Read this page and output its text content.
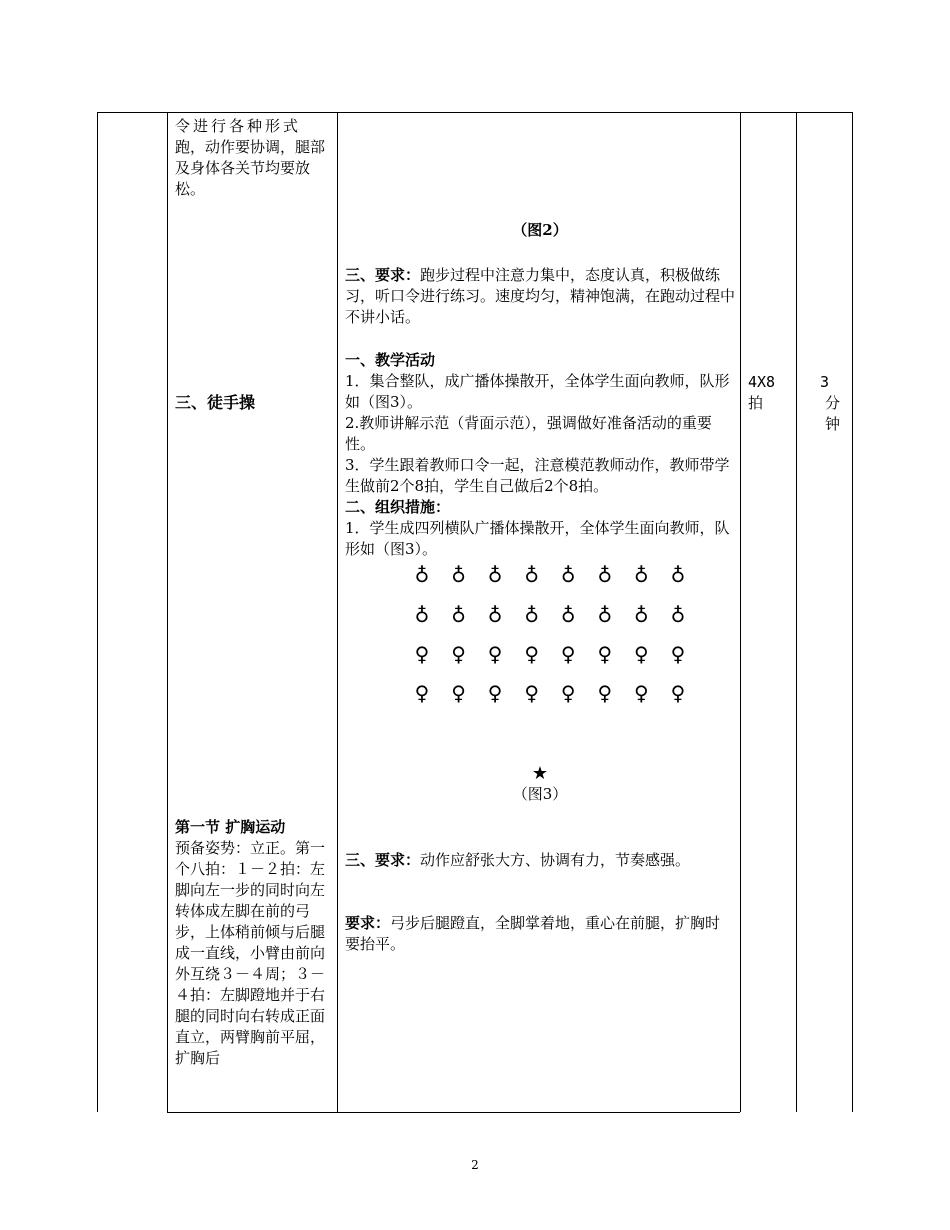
令进行各种形式
跑，动作要协调，腿部及身体各关节均要放松。
三、徒手操
第一节 扩胸运动
预备姿势：立正。第一个八拍：１－２拍：左脚向左一步的同时向左转体成左脚在前的弓步，上体稍前倾与后腿成一直线，小臂由前向外互绕３－４周；３－４拍：左脚蹬地并于右腿的同时向右转成正面直立，两臂胸前平屈，扩胸后
（图2）
三、要求：跑步过程中注意力集中，态度认真，积极做练习，听口令进行练习。速度均匀，精神饱满，在跑动过程中不讲小话。
一、教学活动
1．集合整队，成广播体操散开，全体学生面向教师，队形如（图3）。
2.教师讲解示范（背面示范），强调做好准备活动的重要性。
3．学生跟着教师口令一起，注意模范教师动作，教师带学生做前2个8拍，学生自己做后2个8拍。
二、组织措施：
1．学生成四列横队广播体操散开，全体学生面向教师，队形如（图3）。
♁ ♁ ♁ ♁ ♁ ♁ ♁ ♁
♁ ♁ ♁ ♁ ♁ ♁ ♁ ♁
♀ ♀ ♀ ♀ ♀ ♀ ♀ ♀
♀ ♀ ♀ ♀ ♀ ♀ ♀ ♀
★
（图3）
三、要求：动作应舒张大方、协调有力，节奏感强。
要求：弓步后腿蹬直，全脚掌着地，重心在前腿，扩胸时要抬平。
4X8
拍
3
分
钟
2
